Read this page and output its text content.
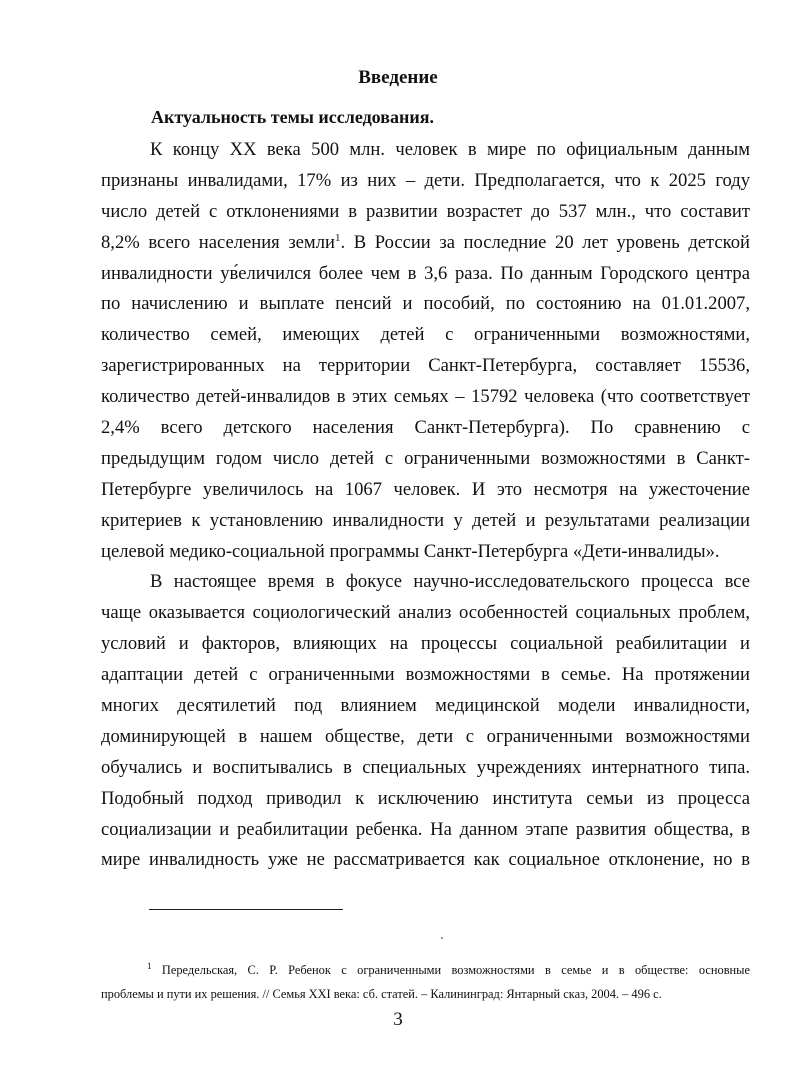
Введение
Актуальность темы исследования.
К концу XX века 500 млн. человек в мире по официальным данным
признаны инвалидами, 17% из них – дети. Предполагается, что к 2025 году
число детей с отклонениями в развитии возрастет до 537 млн., что составит
8,2% всего населения земли$^1$. В России за последние 20 лет уровень детской
инвалидности уве ́личился более чем в 3,6 раза. По данным Городского центра
по начислению и выплате пенсий и пособий, по состоянию на 01.01.2007,
количество семей, имеющих детей с ограниченными возможностями,
зарегистрированных на территории Санкт-Петербурга, составляет 15536,
количество детей-инвалидов в этих семьях – 15792 человека (что соответствует
2,4% всего детского населения Санкт-Петербурга). По сравнению с
предыдущим годом число детей с ограниченными возможностями в Санкт-
Петербурге увеличилось на 1067 человек. И это несмотря на ужесточение
критериев к установлению инвалидности у детей и результатами реализации
целевой медико-социальной программы Санкт-Петербурга «Дети-инвалиды».
В настоящее время в фокусе научно-исследовательского процесса все
чаще оказывается социологический анализ особенностей социальных проблем,
условий и факторов, влияющих на процессы социальной реабилитации и
адаптации детей с ограниченными возможностями в семье. На протяжении
многих десятилетий под влиянием медицинской модели инвалидности,
доминирующей в нашем обществе, дети с ограниченными возможностями
обучались и воспитывались в специальных учреждениях интернатного типа.
Подобный подход приводил к исключению института семьи из процесса
социализации и реабилитации ребенка. На данном этапе развития общества, в
мире инвалидность уже не рассматривается как социальное отклонение, но в
$^1$ Передельская, С. Р. Ребенок с ограниченными возможностями в семье и в обществе: основные
проблемы и пути их решения. // Семья XXI века: сб. статей. – Калининград: Янтарный сказ, 2004. – 496 с.
3
